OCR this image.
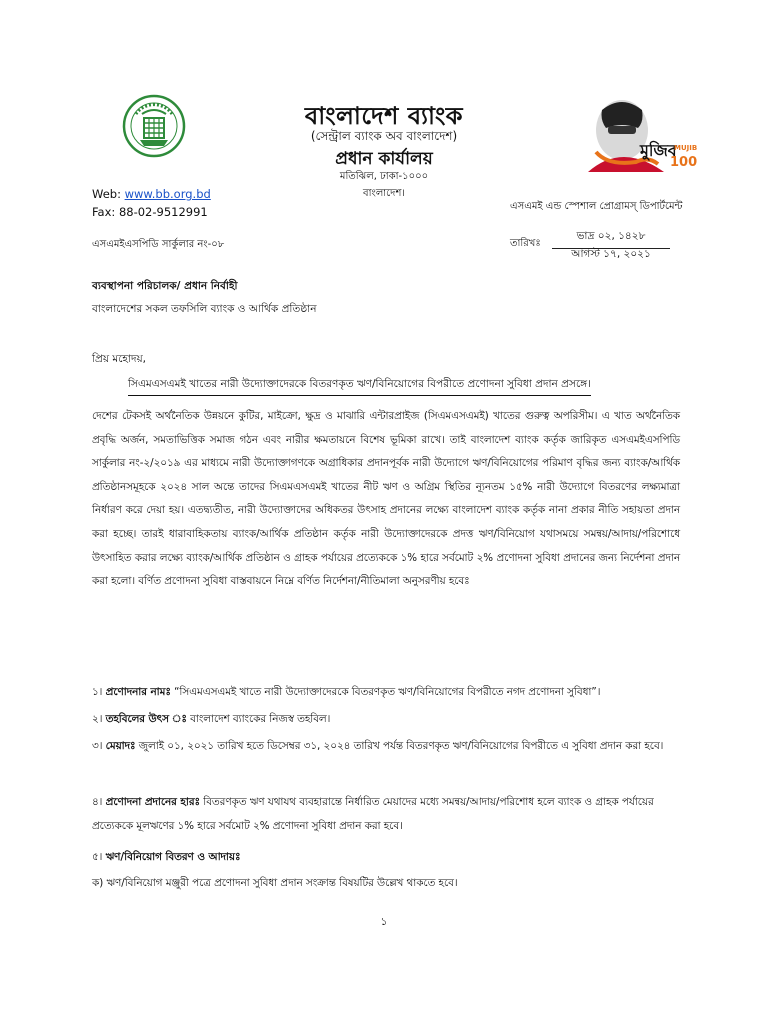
মুজিব
MUJIB
100
বাংলাদেশ ব্যাংক
(সেন্ট্রাল ব্যাংক অব বাংলাদেশ)
প্রধান কার্যালয়
মতিঝিল, ঢাকা-১০০০
বাংলাদেশ।
Web: www.bb.org.bd
Fax: 88-02-9512991	এসএমই এন্ড স্পেশাল প্রোগ্রামস্‌ ডিপার্টমেন্ট
এসএমইএসপিডি সার্কুলার নং-০৮	তারিখঃ
ভাদ্র ০২, ১৪২৮
আগস্ট ১৭, ২০২১
ব্যবস্থাপনা পরিচালক/ প্রধান নির্বাহী
বাংলাদেশের সকল তফসিলি ব্যাংক ও আর্থিক প্রতিষ্ঠান
প্রিয় মহোদয়,
সিএমএসএমই খাতের নারী উদ্যোক্তাদেরকে বিতরণকৃত ঋণ/বিনিয়োগের বিপরীতে প্রণোদনা সুবিধা প্রদান প্রসঙ্গে।
দেশের টেকসই অর্থনৈতিক উন্নয়নে কুটির, মাইক্রো, ক্ষুদ্র ও মাঝারি এন্টারপ্রাইজ (সিএমএসএমই) খাতের গুরুত্ব অপরিসীম। এ খাত অর্থনৈতিক প্রবৃদ্ধি অর্জন, সমতাভিত্তিক সমাজ গঠন এবং নারীর ক্ষমতায়নে বিশেষ ভূমিকা রাখে। তাই বাংলাদেশ ব্যাংক কর্তৃক জারিকৃত এসএমইএসপিডি সার্কুলার নং-২/২০১৯ এর মাধ্যমে নারী উদ্যোক্তাগণকে অগ্রাধিকার প্রদানপূর্বক নারী উদ্যোগে ঋণ/বিনিয়োগের পরিমাণ বৃদ্ধির জন্য ব্যাংক/আর্থিক প্রতিষ্ঠানসমূহকে ২০২৪ সাল অন্তে তাদের সিএমএসএমই খাতের নীট ঋণ ও অগ্রিম স্থিতির ন্যূনতম ১৫% নারী উদ্যোগে বিতরণের লক্ষ্যমাত্রা নির্ধারণ করে দেয়া হয়। এতদ্ব্যতীত, নারী উদ্যোক্তাদের অধিকতর উৎসাহ প্রদানের লক্ষ্যে বাংলাদেশ ব্যাংক কর্তৃক নানা প্রকার নীতি সহায়তা প্রদান করা হচ্ছে। তারই ধারাবাহিকতায় ব্যাংক/আর্থিক প্রতিষ্ঠান কর্তৃক নারী উদ্যোক্তাদেরকে প্রদত্ত ঋণ/বিনিয়োগ যথাসময়ে সমন্বয়/আদায়/পরিশোধে উৎসাহিত করার লক্ষ্যে ব্যাংক/আর্থিক প্রতিষ্ঠান ও গ্রাহক পর্যায়ের প্রত্যেককে ১% হারে সর্বমোট ২% প্রণোদনা সুবিধা প্রদানের জন্য নির্দেশনা প্রদান করা হলো। বর্ণিত প্রণোদনা সুবিধা বাস্তবায়নে নিম্নে বর্ণিত নির্দেশনা/নীতিমালা অনুসরণীয় হবেঃ
১। প্রণোদনার নামঃ “সিএমএসএমই খাতে নারী উদ্যোক্তাদেরকে বিতরণকৃত ঋণ/বিনিয়োগের বিপরীতে নগদ প্রণোদনা সুবিধা”।
২। তহবিলের উৎস ঃ বাংলাদেশ ব্যাংকের নিজস্ব তহবিল।
৩। মেয়াদঃ জুলাই ০১, ২০২১ তারিখ হতে ডিসেম্বর ৩১, ২০২৪ তারিখ পর্যন্ত বিতরণকৃত ঋণ/বিনিয়োগের বিপরীতে এ সুবিধা প্রদান করা হবে।
৪। প্রণোদনা প্রদানের হারঃ বিতরণকৃত ঋণ যথাযথ ব্যবহারান্তে নির্ধারিত মেয়াদের মধ্যে সমন্বয়/আদায়/পরিশোধ হলে ব্যাংক ও গ্রাহক পর্যায়ের প্রত্যেককে মূলঋণের ১% হারে সর্বমোট ২% প্রণোদনা সুবিধা প্রদান করা হবে।
৫। ঋণ/বিনিয়োগ বিতরণ ও আদায়ঃ
ক) ঋণ/বিনিয়োগ মঞ্জুরী পত্রে প্রণোদনা সুবিধা প্রদান সংক্রান্ত বিষয়টির উল্লেখ থাকতে হবে।
১
